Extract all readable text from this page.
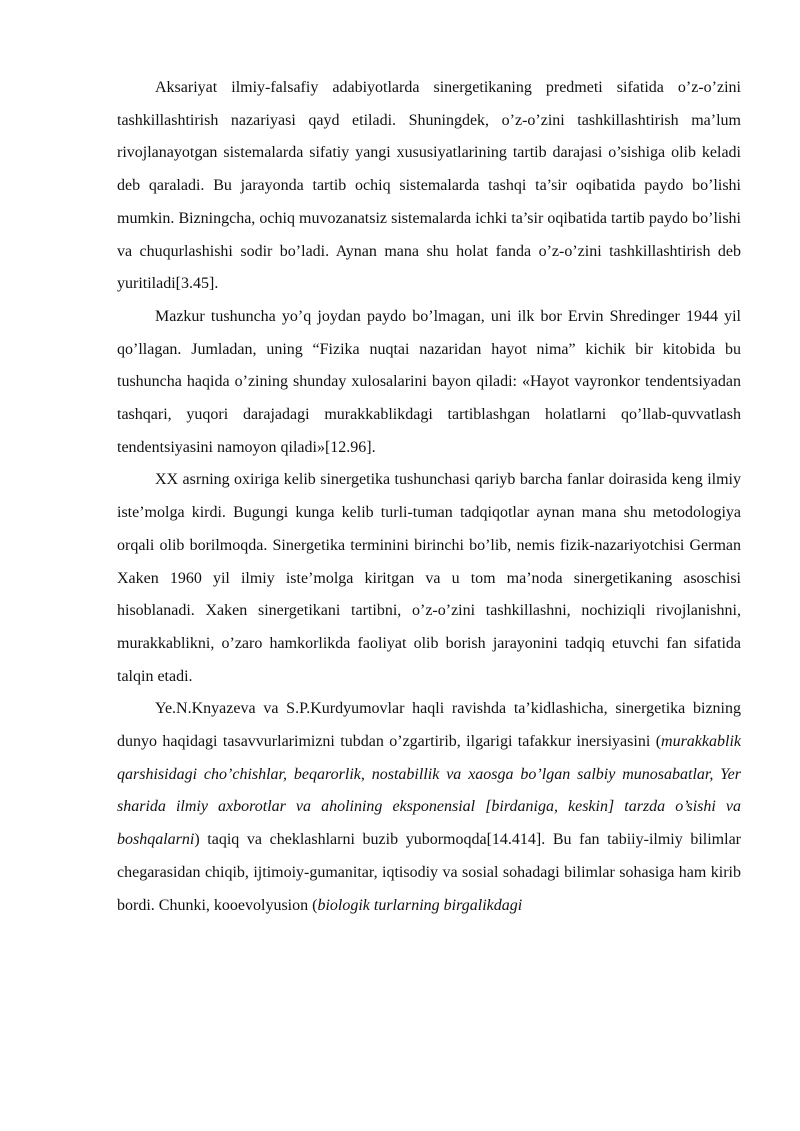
Aksariyat ilmiy-falsafiy adabiyotlarda sinergetikaning predmeti sifatida o’z-o’zini tashkillashtirish nazariyasi qayd etiladi. Shuningdek, o’z-o’zini tashkillashtirish ma’lum rivojlanayotgan sistemalarda sifatiy yangi xususiyatlarining tartib darajasi o’sishiga olib keladi deb qaraladi. Bu jarayonda tartib ochiq sistemalarda tashqi ta’sir oqibatida paydo bo’lishi mumkin. Bizningcha, ochiq muvozanatsiz sistemalarda ichki ta’sir oqibatida tartib paydo bo’lishi va chuqurlashishi sodir bo’ladi. Aynan mana shu holat fanda o’z-o’zini tashkillashtirish deb yuritiladi[3.45].

Mazkur tushuncha yo’q joydan paydo bo’lmagan, uni ilk bor Ervin Shredinger 1944 yil qo’llagan. Jumladan, uning “Fizika nuqtai nazaridan hayot nima” kichik bir kitobida bu tushuncha haqida o’zining shunday xulosalarini bayon qiladi: «Hayot vayronkor tendentsiyadan tashqari, yuqori darajadagi murakkablikdagi tartiblashgan holatlarni qo’llab-quvvatlash tendentsiyasini namoyon qiladi»[12.96].

XX asrning oxiriga kelib sinergetika tushunchasi qariyb barcha fanlar doirasida keng ilmiy iste’molga kirdi. Bugungi kunga kelib turli-tuman tadqiqotlar aynan mana shu metodologiya orqali olib borilmoqda. Sinergetika terminini birinchi bo’lib, nemis fizik-nazariyotchisi German Xaken 1960 yil ilmiy iste’molga kiritgan va u tom ma’noda sinergetikaning asoschisi hisoblanadi. Xaken sinergetikani tartibni, o’z-o’zini tashkillashni, nochiziqli rivojlanishni, murakkablikni, o’zaro hamkorlikda faoliyat olib borish jarayonini tadqiq etuvchi fan sifatida talqin etadi.

Ye.N.Knyazeva va S.P.Kurdyumovlar haqli ravishda ta’kidlashicha, sinergetika bizning dunyo haqidagi tasavvurlarimizni tubdan o’zgartirib, ilgarigi tafakkur inersiyasini (murakkablik qarshisidagi cho’chishlar, beqarorlik, nostabillik va xaosga bo’lgan salbiy munosabatlar, Yer sharida ilmiy axborotlar va aholining eksponensial [birdaniga, keskin] tarzda o’sishi va boshqalarni) taqiq va cheklashlarni buzib yubormoqda[14.414]. Bu fan tabiiy-ilmiy bilimlar chegarasidan chiqib, ijtimoiy-gumanitar, iqtisodiy va sosial sohadagi bilimlar sohasiga ham kirib bordi. Chunki, kooevolyusion (biologik turlarning birgalikdagi
